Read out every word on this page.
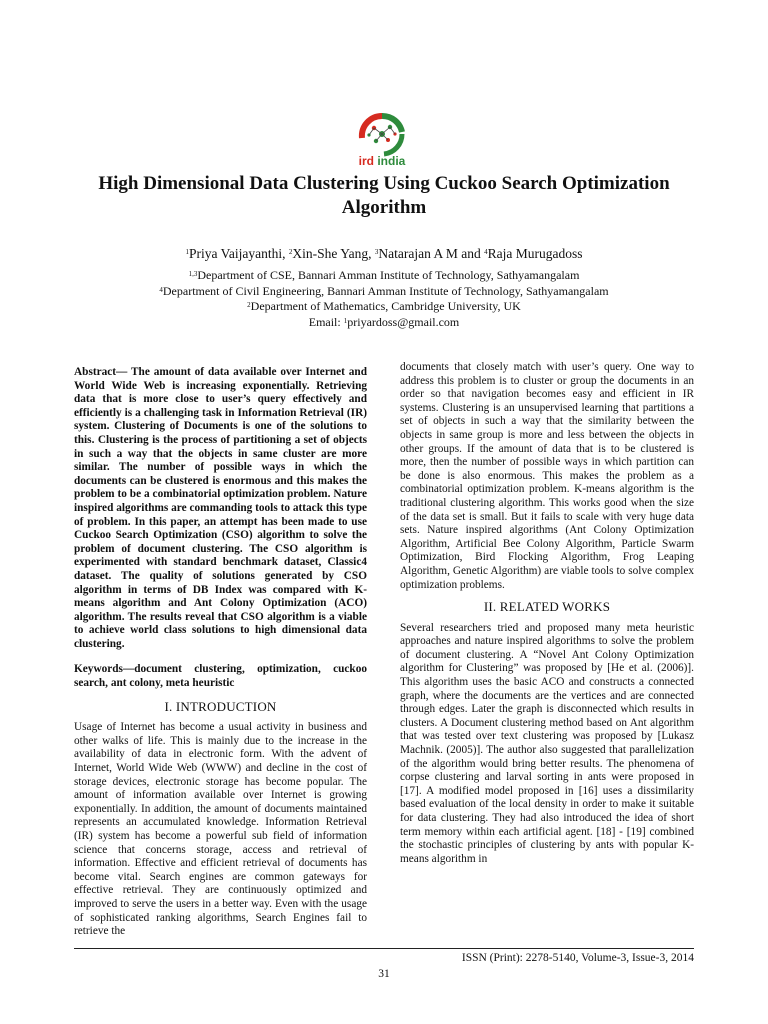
ird india
High Dimensional Data Clustering Using Cuckoo Search Optimization Algorithm
$^1$Priya Vaijayanthi, $^2$Xin-She Yang, $^3$Natarajan A M and $^4$Raja Murugadoss
$^{1,3}$Department of CSE, Bannari Amman Institute of Technology, Sathyamangalam
$^4$Department of Civil Engineering, Bannari Amman Institute of Technology, Sathyamangalam
$^2$Department of Mathematics, Cambridge University, UK
Email: $^1$priyardoss@gmail.com

Abstract— The amount of data available over Internet and World Wide Web is increasing exponentially. Retrieving data that is more close to user’s query effectively and efficiently is a challenging task in Information Retrieval (IR) system. Clustering of Documents is one of the solutions to this. Clustering is the process of partitioning a set of objects in such a way that the objects in same cluster are more similar. The number of possible ways in which the documents can be clustered is enormous and this makes the problem to be a combinatorial optimization problem. Nature inspired algorithms are commanding tools to attack this type of problem. In this paper, an attempt has been made to use Cuckoo Search Optimization (CSO) algorithm to solve the problem of document clustering. The CSO algorithm is experimented with standard benchmark dataset, Classic4 dataset. The quality of solutions generated by CSO algorithm in terms of DB Index was compared with K-means algorithm and Ant Colony Optimization (ACO) algorithm. The results reveal that CSO algorithm is a viable to achieve world class solutions to high dimensional data clustering.

Keywords—document clustering, optimization, cuckoo search, ant colony, meta heuristic

I. INTRODUCTION

Usage of Internet has become a usual activity in business and other walks of life. This is mainly due to the increase in the availability of data in electronic form. With the advent of Internet, World Wide Web (WWW) and decline in the cost of storage devices, electronic storage has become popular. The amount of information available over Internet is growing exponentially. In addition, the amount of documents maintained represents an accumulated knowledge. Information Retrieval (IR) system has become a powerful sub field of information science that concerns storage, access and retrieval of information. Effective and efficient retrieval of documents has become vital. Search engines are common gateways for effective retrieval. They are continuously optimized and improved to serve the users in a better way. Even with the usage of sophisticated ranking algorithms, Search Engines fail to retrieve the

documents that closely match with user’s query. One way to address this problem is to cluster or group the documents in an order so that navigation becomes easy and efficient in IR systems. Clustering is an unsupervised learning that partitions a set of objects in such a way that the similarity between the objects in same group is more and less between the objects in other groups. If the amount of data that is to be clustered is more, then the number of possible ways in which partition can be done is also enormous. This makes the problem as a combinatorial optimization problem. K-means algorithm is the traditional clustering algorithm. This works good when the size of the data set is small. But it fails to scale with very huge data sets. Nature inspired algorithms (Ant Colony Optimization Algorithm, Artificial Bee Colony Algorithm, Particle Swarm Optimization, Bird Flocking Algorithm, Frog Leaping Algorithm, Genetic Algorithm) are viable tools to solve complex optimization problems.

II. RELATED WORKS

Several researchers tried and proposed many meta heuristic approaches and nature inspired algorithms to solve the problem of document clustering. A “Novel Ant Colony Optimization algorithm for Clustering” was proposed by [He et al. (2006)]. This algorithm uses the basic ACO and constructs a connected graph, where the documents are the vertices and are connected through edges. Later the graph is disconnected which results in clusters. A Document clustering method based on Ant algorithm that was tested over text clustering was proposed by [Lukasz Machnik. (2005)]. The author also suggested that parallelization of the algorithm would bring better results. The phenomena of corpse clustering and larval sorting in ants were proposed in [17]. A modified model proposed in [16] uses a dissimilarity based evaluation of the local density in order to make it suitable for data clustering. They had also introduced the idea of short term memory within each artificial agent. [18] - [19] combined the stochastic principles of clustering by ants with popular K-means algorithm in

ISSN (Print): 2278-5140, Volume-3, Issue-3, 2014
31
